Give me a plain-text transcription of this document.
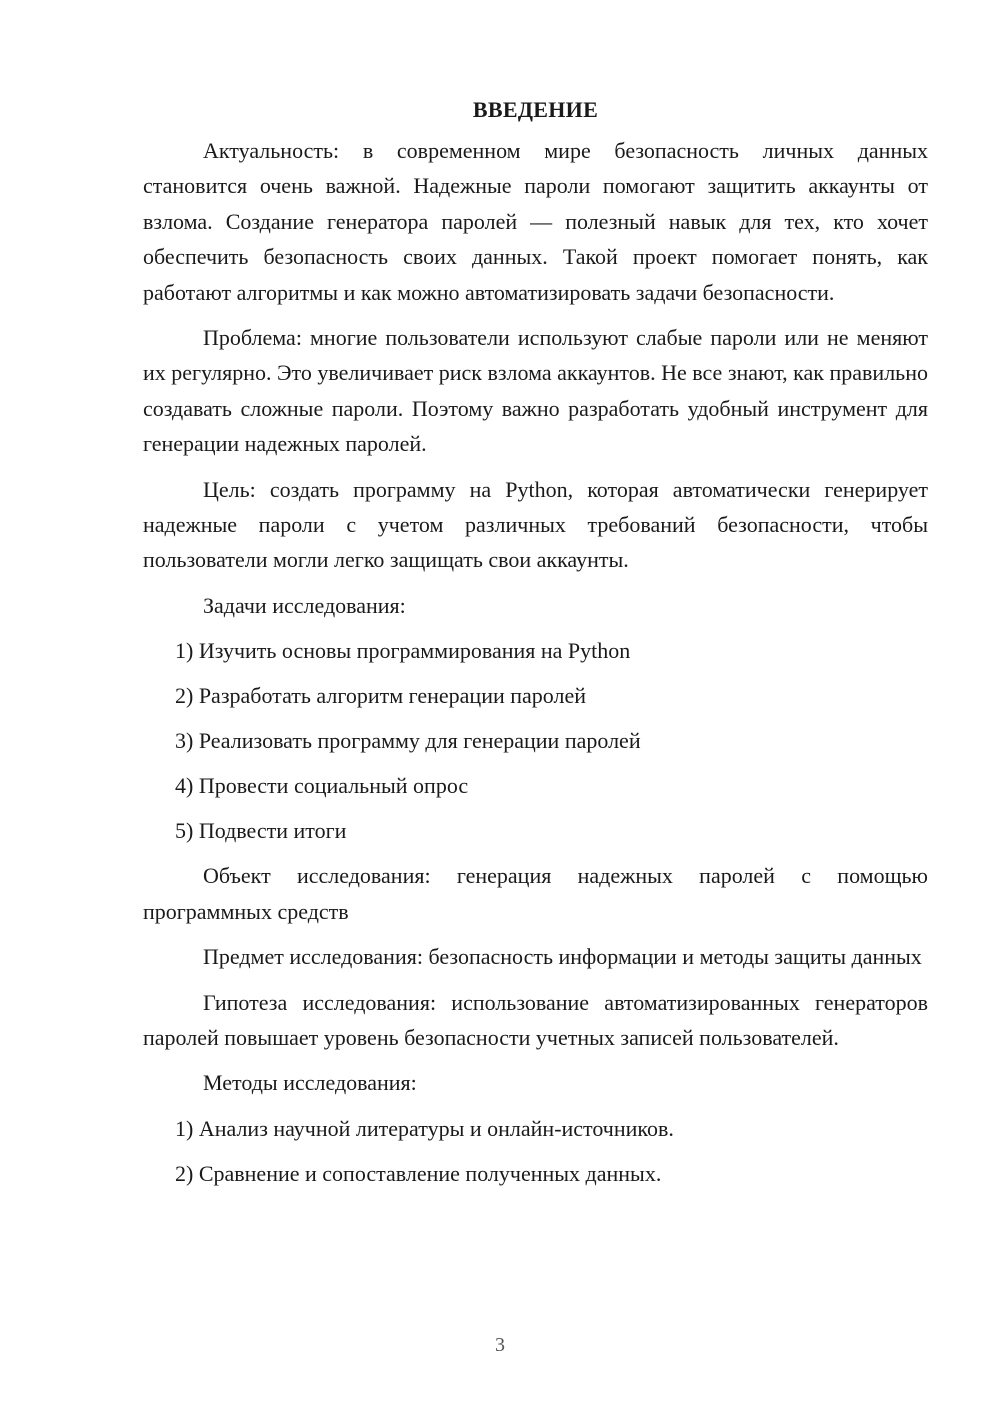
ВВЕДЕНИЕ

Актуальность: в современном мире безопасность личных данных становится очень важной. Надежные пароли помогают защитить аккаунты от взлома. Создание генератора паролей — полезный навык для тех, кто хочет обеспечить безопасность своих данных. Такой проект помогает понять, как работают алгоритмы и как можно автоматизировать задачи безопасности.

Проблема: многие пользователи используют слабые пароли или не меняют их регулярно. Это увеличивает риск взлома аккаунтов. Не все знают, как правильно создавать сложные пароли. Поэтому важно разработать удобный инструмент для генерации надежных паролей.

Цель: создать программу на Python, которая автоматически генерирует надежные пароли с учетом различных требований безопасности, чтобы пользователи могли легко защищать свои аккаунты.

Задачи исследования:

1) Изучить основы программирования на Python

2) Разработать алгоритм генерации паролей

3) Реализовать программу для генерации паролей

4) Провести социальный опрос

5) Подвести итоги

Объект исследования: генерация надежных паролей с помощью программных средств

Предмет исследования: безопасность информации и методы защиты данных

Гипотеза исследования: использование автоматизированных генераторов паролей повышает уровень безопасности учетных записей пользователей.

Методы исследования:

1) Анализ научной литературы и онлайн-источников.

2) Сравнение и сопоставление полученных данных.

3
